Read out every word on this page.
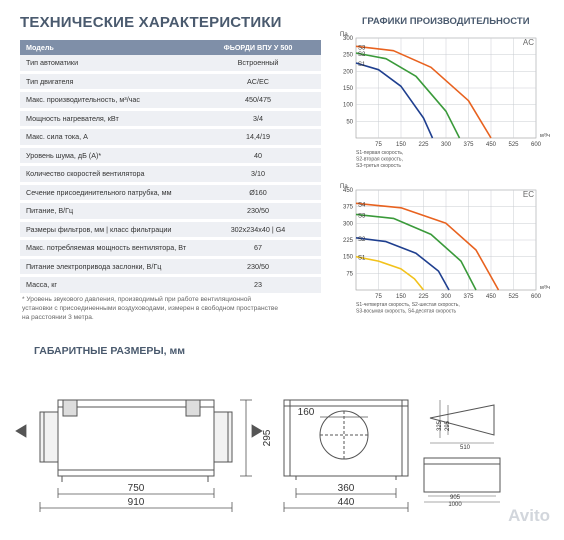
ТЕХНИЧЕСКИЕ ХАРАКТЕРИСТИКИ	ГРАФИКИ ПРОИЗВОДИТЕЛЬНОСТИ
Модель	ФЬОРДИ ВПУ У 500
Тип автоматики	Встроенный
Тип двигателя	AC/EC
Макс. производительность, м³/час	450/475
Мощность нагревателя, кВт	3/4
Макс. сила тока, А	14,4/19
Уровень шума, дБ (А)*	40
Количество скоростей вентилятора	3/10
Сечение присоединительного патрубка, мм	Ø160
Питание, В/Гц	230/50
Размеры фильтров, мм | класс фильтрации	302x234x40 | G4
Макс. потребляемая мощность вентилятора, Вт	67
Питание электропривода заслонки, В/Гц	230/50
Масса, кг	23
* Уровень звукового давления, производимый при работе вентиляционной установки с присоединенными воздуховодами, измерен в свободном пространстве на расстоянии 3 метра.
75 150 225 300 375 450 525 600
50
100
150
200
250
300
Па
м³/ч
AC
S1
S2
S3
S1-первая скорость,
S2-вторая скорость,
S3-третья скорость
75 150 225 300 375 450 525 600
75
150
225
300
375
450
Па
м³/ч
EC
S1
S2
S3
S4
S1-четвертая скорость, S2-шестая скорость,
S3-восьмая скорость, S4-десятая скорость
ГАБАРИТНЫЕ РАЗМЕРЫ, мм
750
910
295
160
360
440
325 295
510
905
1000
Avito
